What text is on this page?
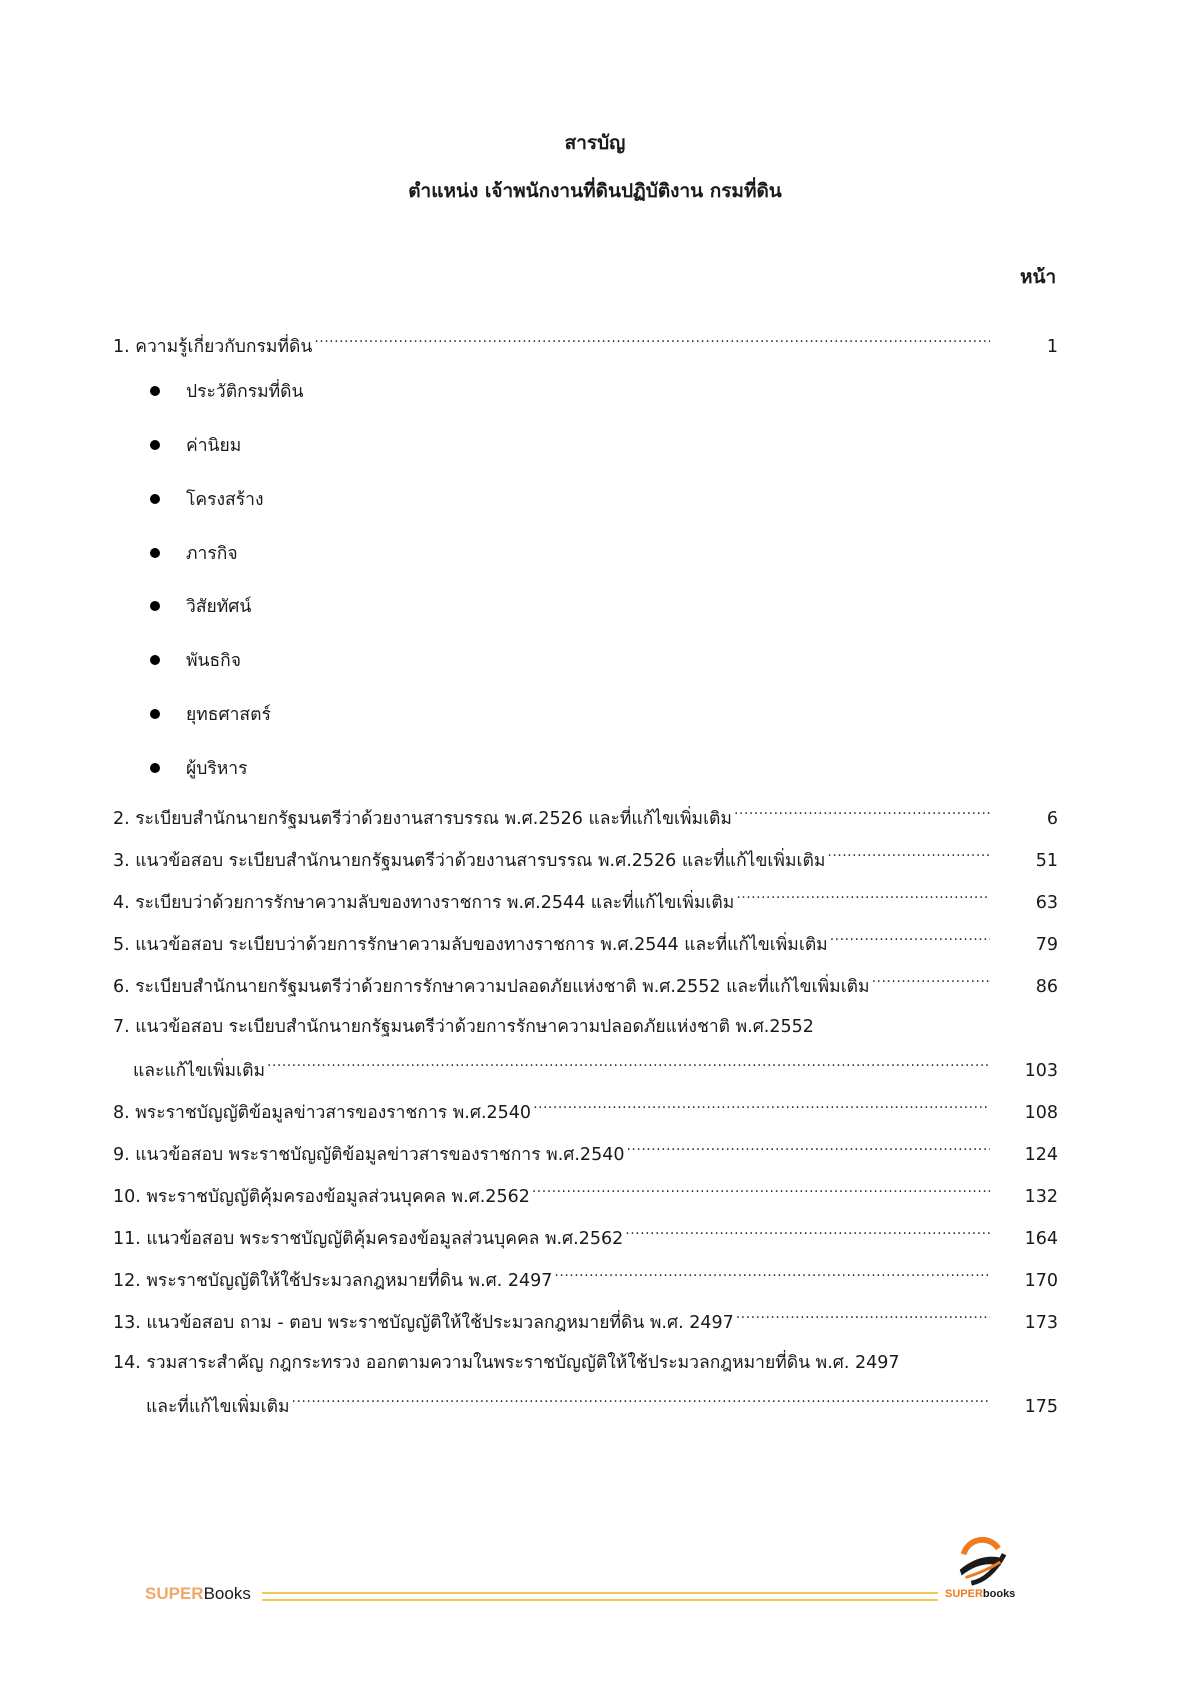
สารบัญ
ตำแหน่ง เจ้าพนักงานที่ดินปฏิบัติงาน กรมที่ดิน
หน้า
1. ความรู้เกี่ยวกับกรมที่ดิน .....	1
ประวัติกรมที่ดิน
ค่านิยม
โครงสร้าง
ภารกิจ
วิสัยทัศน์
พันธกิจ
ยุทธศาสตร์
ผู้บริหาร
2. ระเบียบสำนักนายกรัฐมนตรีว่าด้วยงานสารบรรณ พ.ศ.2526 และที่แก้ไขเพิ่มเติม .....	6
3. แนวข้อสอบ ระเบียบสำนักนายกรัฐมนตรีว่าด้วยงานสารบรรณ พ.ศ.2526 และที่แก้ไขเพิ่มเติม .....	51
4. ระเบียบว่าด้วยการรักษาความลับของทางราชการ พ.ศ.2544 และที่แก้ไขเพิ่มเติม .....	63
5. แนวข้อสอบ ระเบียบว่าด้วยการรักษาความลับของทางราชการ พ.ศ.2544 และที่แก้ไขเพิ่มเติม .....	79
6. ระเบียบสำนักนายกรัฐมนตรีว่าด้วยการรักษาความปลอดภัยแห่งชาติ พ.ศ.2552 และที่แก้ไขเพิ่มเติม .....	86
7. แนวข้อสอบ ระเบียบสำนักนายกรัฐมนตรีว่าด้วยการรักษาความปลอดภัยแห่งชาติ พ.ศ.2552
และแก้ไขเพิ่มเติม .....	103
8. พระราชบัญญัติข้อมูลข่าวสารของราชการ พ.ศ.2540 .....	108
9. แนวข้อสอบ พระราชบัญญัติข้อมูลข่าวสารของราชการ พ.ศ.2540 .....	124
10. พระราชบัญญัติคุ้มครองข้อมูลส่วนบุคคล พ.ศ.2562 .....	132
11. แนวข้อสอบ พระราชบัญญัติคุ้มครองข้อมูลส่วนบุคคล พ.ศ.2562 .....	164
12. พระราชบัญญัติให้ใช้ประมวลกฎหมายที่ดิน พ.ศ. 2497 .....	170
13. แนวข้อสอบ ถาม - ตอบ พระราชบัญญัติให้ใช้ประมวลกฎหมายที่ดิน พ.ศ. 2497 .....	173
14. รวมสาระสำคัญ กฎกระทรวง ออกตามความในพระราชบัญญัติให้ใช้ประมวลกฎหมายที่ดิน พ.ศ. 2497
และที่แก้ไขเพิ่มเติม .....	175
SUPERBooks	SUPERbooks
